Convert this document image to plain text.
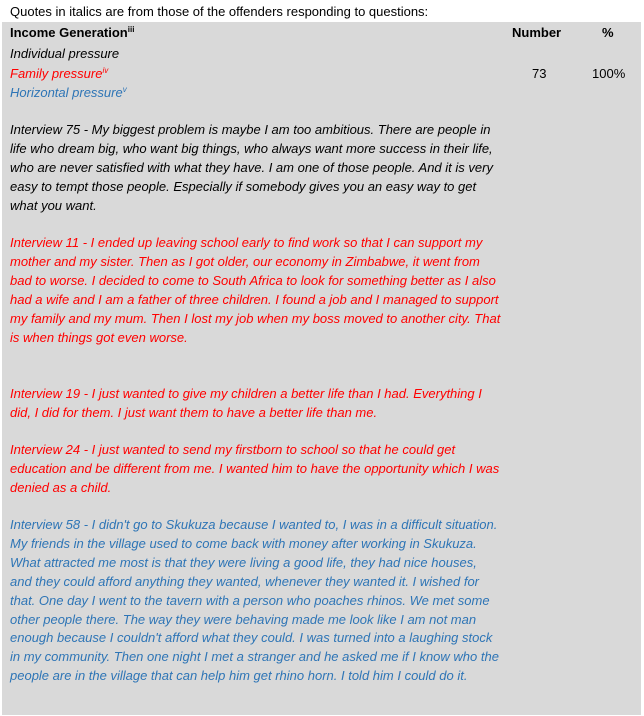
Quotes in italics are from those of the offenders responding to questions:
Income Generation$^{iii}$	Number	%
Individual pressure
Family pressure$^{iv}$	73	100%
Horizontal pressure$^v$
Interview 75 - My biggest problem is maybe I am too ambitious. There are people in life who dream big, who want big things, who always want more success in their life, who are never satisfied with what they have. I am one of those people. And it is very easy to tempt those people. Especially if somebody gives you an easy way to get what you want.
Interview 11 - I ended up leaving school early to find work so that I can support my mother and my sister. Then as I got older, our economy in Zimbabwe, it went from bad to worse. I decided to come to South Africa to look for something better as I also had a wife and I am a father of three children. I found a job and I managed to support my family and my mum. Then I lost my job when my boss moved to another city. That is when things got even worse.
Interview 19 - I just wanted to give my children a better life than I had. Everything I did, I did for them. I just want them to have a better life than me.
Interview 24 - I just wanted to send my firstborn to school so that he could get education and be different from me. I wanted him to have the opportunity which I was denied as a child.
Interview 58 - I didn't go to Skukuza because I wanted to, I was in a difficult situation. My friends in the village used to come back with money after working in Skukuza. What attracted me most is that they were living a good life, they had nice houses, and they could afford anything they wanted, whenever they wanted it. I wished for that. One day I went to the tavern with a person who poaches rhinos. We met some other people there. The way they were behaving made me look like I am not man enough because I couldn't afford what they could. I was turned into a laughing stock in my community. Then one night I met a stranger and he asked me if I know who the people are in the village that can help him get rhino horn. I told him I could do it.
